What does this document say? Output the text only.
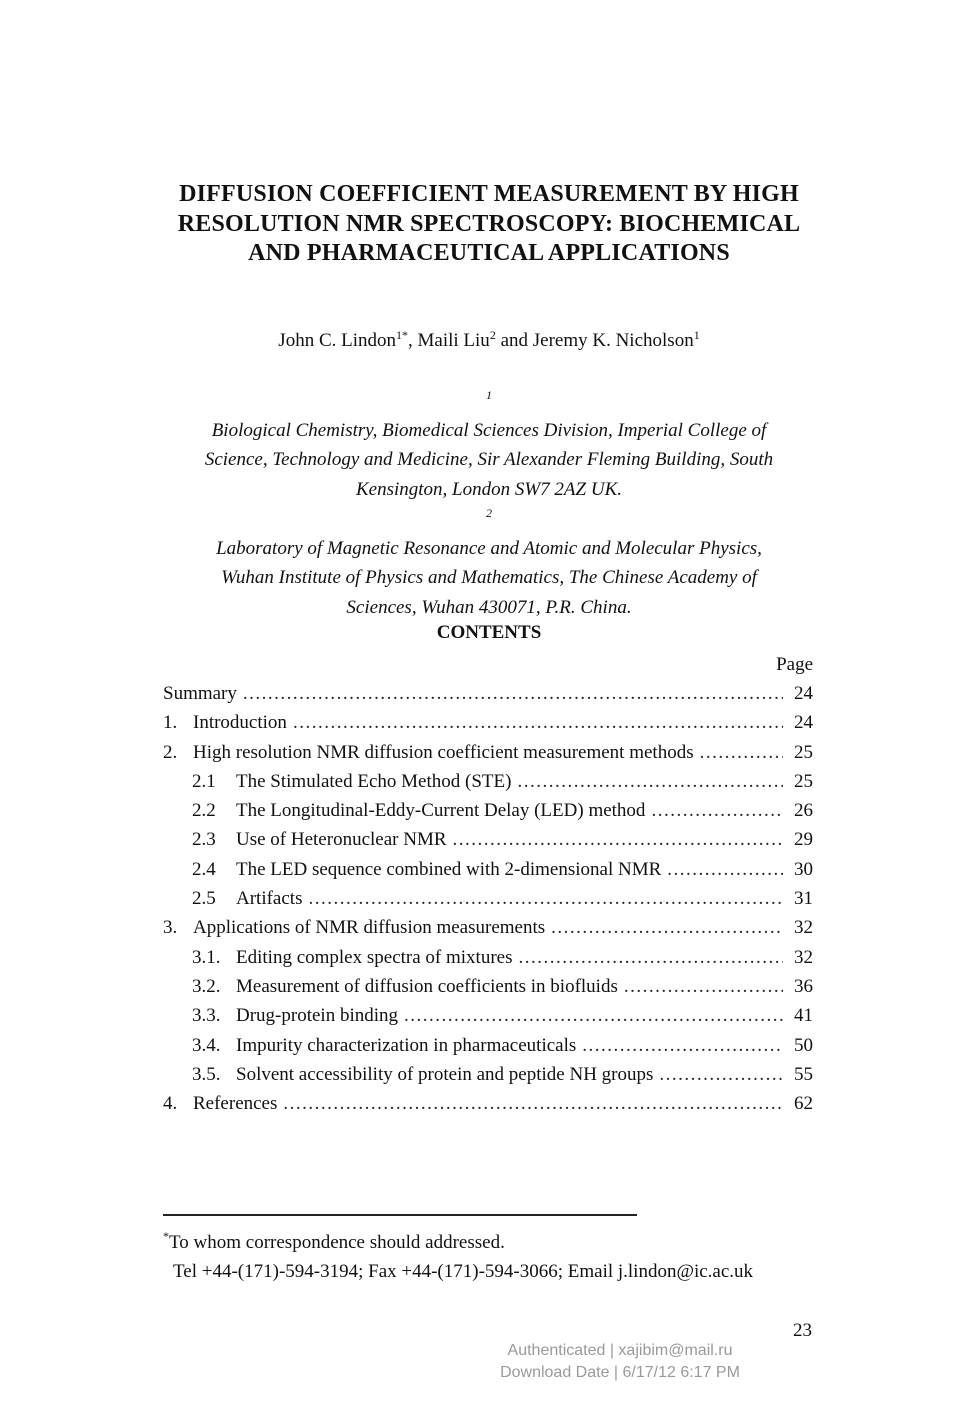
DIFFUSION COEFFICIENT MEASUREMENT BY HIGH
RESOLUTION NMR SPECTROSCOPY: BIOCHEMICAL
AND PHARMACEUTICAL APPLICATIONS
John C. Lindon$^{1*}$, Maili Liu$^2$ and Jeremy K. Nicholson$^1$
$^1$
Biological Chemistry, Biomedical Sciences Division, Imperial College of
Science, Technology and Medicine, Sir Alexander Fleming Building, South
Kensington, London SW7 2AZ UK.
$^2$
Laboratory of Magnetic Resonance and Atomic and Molecular Physics,
Wuhan Institute of Physics and Mathematics, The Chinese Academy of
Sciences, Wuhan 430071, P.R. China.
CONTENTS
Page
Summary .....	24
1. Introduction .....	24
2. High resolution NMR diffusion coefficient measurement methods .....	25
2.1	The Stimulated Echo Method (STE) .....	25
2.2	The Longitudinal-Eddy-Current Delay (LED) method .....	26
2.3	Use of Heteronuclear NMR .....	29
2.4	The LED sequence combined with 2-dimensional NMR .....	30
2.5	Artifacts .....	31
3. Applications of NMR diffusion measurements .....	32
3.1. Editing complex spectra of mixtures .....	32
3.2. Measurement of diffusion coefficients in biofluids .....	36
3.3. Drug-protein binding .....	41
3.4. Impurity characterization in pharmaceuticals .....	50
3.5. Solvent accessibility of protein and peptide NH groups .....	55
4. References .....	62
*To whom correspondence should addressed.
Tel +44-(171)-594-3194; Fax +44-(171)-594-3066; Email j.lindon@ic.ac.uk
23
Authenticated | xajibim@mail.ru
Download Date | 6/17/12 6:17 PM
